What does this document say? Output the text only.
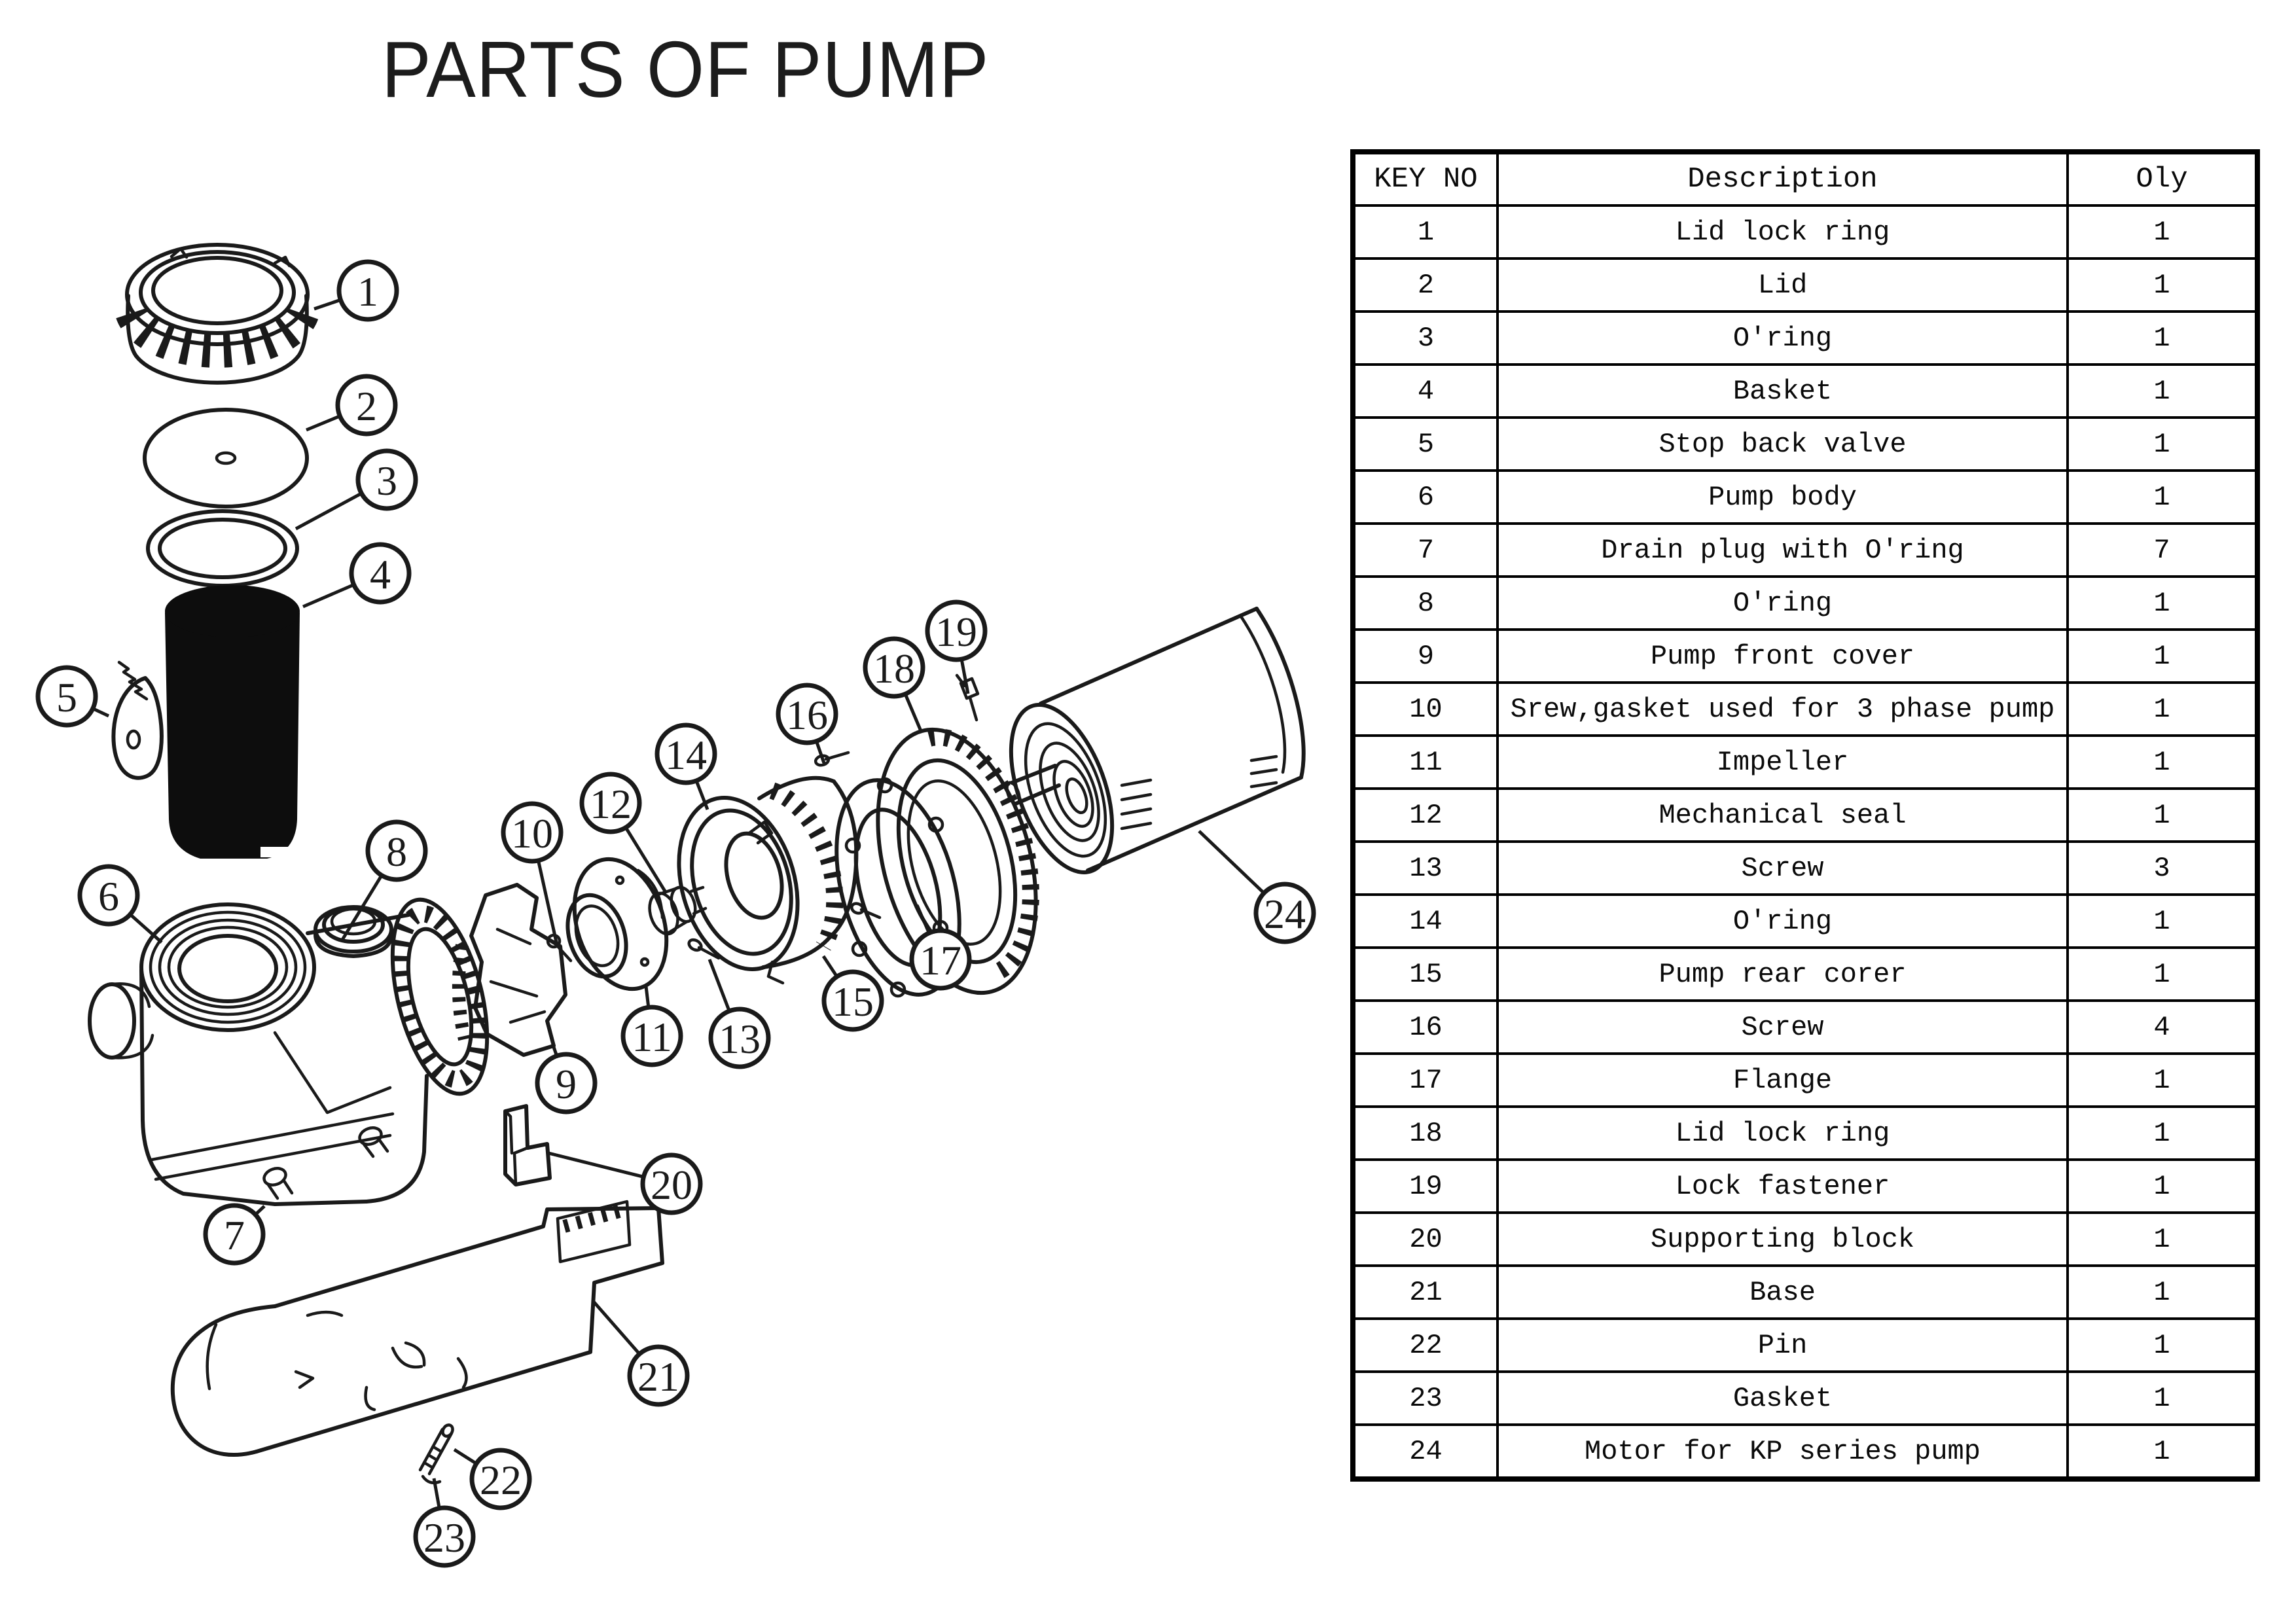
PARTS OF PUMP
1
2
3
4
5
6
7
8
9
10
11
12
13
14
15
16
17
18
19
20
21
22
23
24
KEY NO	Description	Oly
1	Lid lock ring	1
2	Lid	1
3	O'ring	1
4	Basket	1
5	Stop back valve	1
6	Pump body	1
7	Drain plug with O'ring	7
8	O'ring	1
9	Pump front cover	1
10	Srew,gasket used for 3 phase pump	1
11	Impeller	1
12	Mechanical seal	1
13	Screw	3
14	O'ring	1
15	Pump rear corer	1
16	Screw	4
17	Flange	1
18	Lid lock ring	1
19	Lock fastener	1
20	Supporting block	1
21	Base	1
22	Pin	1
23	Gasket	1
24	Motor for KP series pump	1
